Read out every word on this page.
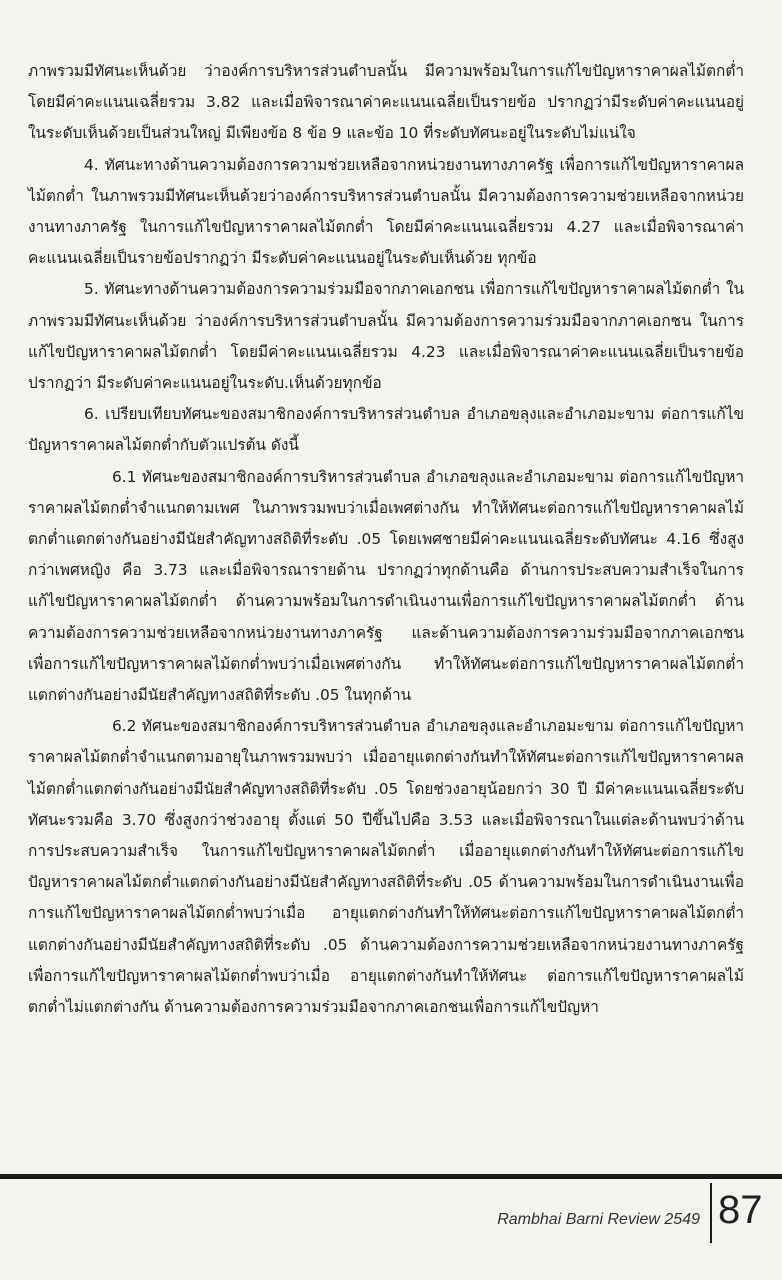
ภาพรวมมีทัศนะเห็นด้วย ว่าองค์การบริหารส่วนตำบลนั้น มีความพร้อมในการแก้ไขปัญหาราคาผลไม้ตกต่ำ โดยมีค่าคะแนนเฉลี่ยรวม 3.82 และเมื่อพิจารณาค่าคะแนนเฉลี่ยเป็นรายข้อ ปรากฏว่ามีระดับค่าคะแนนอยู่ในระดับเห็นด้วยเป็นส่วนใหญ่ มีเพียงข้อ 8 ข้อ 9 และข้อ 10 ที่ระดับทัศนะอยู่ในระดับไม่แน่ใจ

4. ทัศนะทางด้านความต้องการความช่วยเหลือจากหน่วยงานทางภาครัฐ เพื่อการแก้ไขปัญหาราคาผลไม้ตกต่ำ ในภาพรวมมีทัศนะเห็นด้วยว่าองค์การบริหารส่วนตำบลนั้น มีความต้องการความช่วยเหลือจากหน่วยงานทางภาครัฐ ในการแก้ไขปัญหาราคาผลไม้ตกต่ำ โดยมีค่าคะแนนเฉลี่ยรวม 4.27 และเมื่อพิจารณาค่าคะแนนเฉลี่ยเป็นรายข้อปรากฏว่า มีระดับค่าคะแนนอยู่ในระดับเห็นด้วย ทุกข้อ

5. ทัศนะทางด้านความต้องการความร่วมมือจากภาคเอกชน เพื่อการแก้ไขปัญหาราคาผลไม้ตกต่ำ ในภาพรวมมีทัศนะเห็นด้วย ว่าองค์การบริหารส่วนตำบลนั้น มีความต้องการความร่วมมือจากภาคเอกชน ในการแก้ไขปัญหาราคาผลไม้ตกต่ำ โดยมีค่าคะแนนเฉลี่ยรวม 4.23 และเมื่อพิจารณาค่าคะแนนเฉลี่ยเป็นรายข้อ ปรากฏว่า มีระดับค่าคะแนนอยู่ในระดับ.เห็นด้วยทุกข้อ

6. เปรียบเทียบทัศนะของสมาชิกองค์การบริหารส่วนตำบล อำเภอขลุงและอำเภอมะขาม ต่อการแก้ไขปัญหาราคาผลไม้ตกต่ำกับตัวแปรต้น ดังนี้

6.1 ทัศนะของสมาชิกองค์การบริหารส่วนตำบล อำเภอขลุงและอำเภอมะขาม ต่อการแก้ไขปัญหาราคาผลไม้ตกต่ำจำแนกตามเพศ ในภาพรวมพบว่าเมื่อเพศต่างกัน ทำให้ทัศนะต่อการแก้ไขปัญหาราคาผลไม้ตกต่ำแตกต่างกันอย่างมีนัยสำคัญทางสถิติที่ระดับ .05 โดยเพศชายมีค่าคะแนนเฉลี่ยระดับทัศนะ 4.16 ซึ่งสูงกว่าเพศหญิง คือ 3.73 และเมื่อพิจารณารายด้าน ปรากฏว่าทุกด้านคือ ด้านการประสบความสำเร็จในการแก้ไขปัญหาราคาผลไม้ตกต่ำ ด้านความพร้อมในการดำเนินงานเพื่อการแก้ไขปัญหาราคาผลไม้ตกต่ำ ด้านความต้องการความช่วยเหลือจากหน่วยงานทางภาครัฐ และด้านความต้องการความร่วมมือจากภาคเอกชน เพื่อการแก้ไขปัญหาราคาผลไม้ตกต่ำพบว่าเมื่อเพศต่างกัน ทำให้ทัศนะต่อการแก้ไขปัญหาราคาผลไม้ตกต่ำแตกต่างกันอย่างมีนัยสำคัญทางสถิติที่ระดับ .05 ในทุกด้าน

6.2 ทัศนะของสมาชิกองค์การบริหารส่วนตำบล อำเภอขลุงและอำเภอมะขาม ต่อการแก้ไขปัญหาราคาผลไม้ตกต่ำจำแนกตามอายุในภาพรวมพบว่า เมื่ออายุแตกต่างกันทำให้ทัศนะต่อการแก้ไขปัญหาราคาผลไม้ตกต่ำแตกต่างกันอย่างมีนัยสำคัญทางสถิติที่ระดับ .05 โดยช่วงอายุน้อยกว่า 30 ปี มีค่าคะแนนเฉลี่ยระดับทัศนะรวมคือ 3.70 ซึ่งสูงกว่าช่วงอายุ ตั้งแต่ 50 ปีขึ้นไปคือ 3.53 และเมื่อพิจารณาในแต่ละด้านพบว่าด้านการประสบความสำเร็จ ในการแก้ไขปัญหาราคาผลไม้ตกต่ำ เมื่ออายุแตกต่างกันทำให้ทัศนะต่อการแก้ไขปัญหาราคาผลไม้ตกต่ำแตกต่างกันอย่างมีนัยสำคัญทางสถิติที่ระดับ .05 ด้านความพร้อมในการดำเนินงานเพื่อการแก้ไขปัญหาราคาผลไม้ตกต่ำพบว่าเมื่อ อายุแตกต่างกันทำให้ทัศนะต่อการแก้ไขปัญหาราคาผลไม้ตกต่ำแตกต่างกันอย่างมีนัยสำคัญทางสถิติที่ระดับ .05 ด้านความต้องการความช่วยเหลือจากหน่วยงานทางภาครัฐเพื่อการแก้ไขปัญหาราคาผลไม้ตกต่ำพบว่าเมื่อ อายุแตกต่างกันทำให้ทัศนะ ต่อการแก้ไขปัญหาราคาผลไม้ตกต่ำไม่แตกต่างกัน ด้านความต้องการความร่วมมือจากภาคเอกชนเพื่อการแก้ไขปัญหา

Rambhai Barni Review 2549 87
